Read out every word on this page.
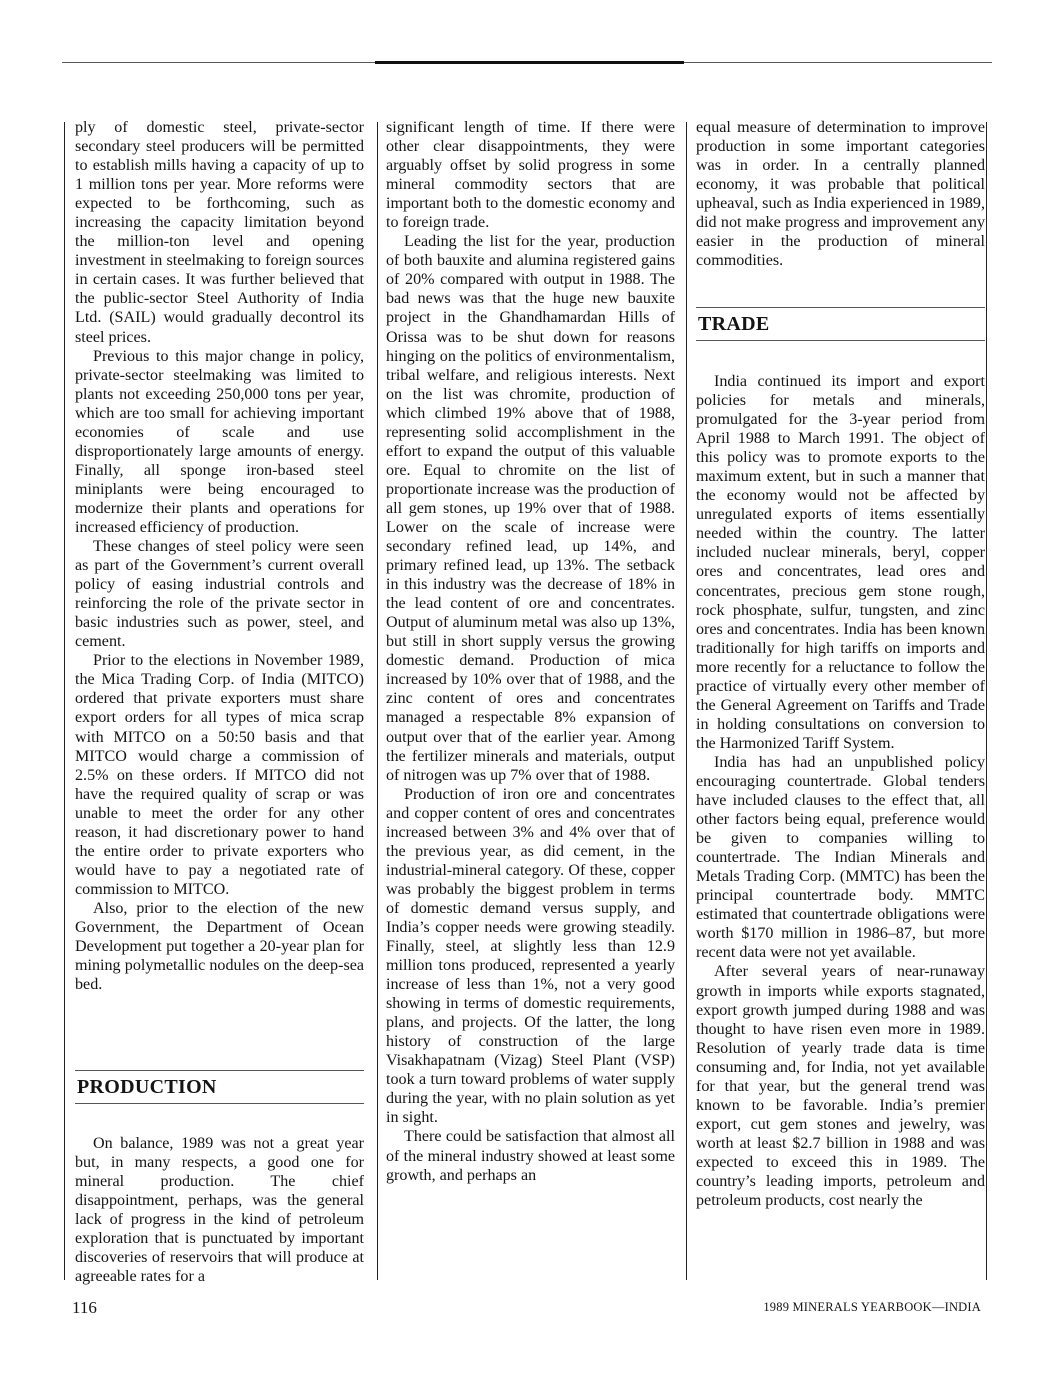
ply of domestic steel, private-sector secondary steel producers will be permitted to establish mills having a capacity of up to 1 million tons per year. More reforms were expected to be forthcoming, such as increasing the capacity limitation beyond the million-ton level and opening investment in steelmaking to foreign sources in certain cases. It was further believed that the public-sector Steel Authority of India Ltd. (SAIL) would gradually decontrol its steel prices.

Previous to this major change in policy, private-sector steelmaking was limited to plants not exceeding 250,000 tons per year, which are too small for achieving important economies of scale and use disproportionately large amounts of energy. Finally, all sponge iron-based steel miniplants were being encouraged to modernize their plants and operations for increased efficiency of production.

These changes of steel policy were seen as part of the Government’s current overall policy of easing industrial controls and reinforcing the role of the private sector in basic industries such as power, steel, and cement.

Prior to the elections in November 1989, the Mica Trading Corp. of India (MITCO) ordered that private exporters must share export orders for all types of mica scrap with MITCO on a 50:50 basis and that MITCO would charge a commission of 2.5% on these orders. If MITCO did not have the required quality of scrap or was unable to meet the order for any other reason, it had discretionary power to hand the entire order to private exporters who would have to pay a negotiated rate of commission to MITCO.

Also, prior to the election of the new Government, the Department of Ocean Development put together a 20-year plan for mining polymetallic nodules on the deep-sea bed.

PRODUCTION

On balance, 1989 was not a great year but, in many respects, a good one for mineral production. The chief disappointment, perhaps, was the general lack of progress in the kind of petroleum exploration that is punctuated by important discoveries of reservoirs that will produce at agreeable rates for a

significant length of time. If there were other clear disappointments, they were arguably offset by solid progress in some mineral commodity sectors that are important both to the domestic economy and to foreign trade.

Leading the list for the year, production of both bauxite and alumina registered gains of 20% compared with output in 1988. The bad news was that the huge new bauxite project in the Ghandhamardan Hills of Orissa was to be shut down for reasons hinging on the politics of environmentalism, tribal welfare, and religious interests. Next on the list was chromite, production of which climbed 19% above that of 1988, representing solid accomplishment in the effort to expand the output of this valuable ore. Equal to chromite on the list of proportionate increase was the production of all gem stones, up 19% over that of 1988. Lower on the scale of increase were secondary refined lead, up 14%, and primary refined lead, up 13%. The setback in this industry was the decrease of 18% in the lead content of ore and concentrates. Output of aluminum metal was also up 13%, but still in short supply versus the growing domestic demand. Production of mica increased by 10% over that of 1988, and the zinc content of ores and concentrates managed a respectable 8% expansion of output over that of the earlier year. Among the fertilizer minerals and materials, output of nitrogen was up 7% over that of 1988.

Production of iron ore and concentrates and copper content of ores and concentrates increased between 3% and 4% over that of the previous year, as did cement, in the industrial-mineral category. Of these, copper was probably the biggest problem in terms of domestic demand versus supply, and India’s copper needs were growing steadily. Finally, steel, at slightly less than 12.9 million tons produced, represented a yearly increase of less than 1%, not a very good showing in terms of domestic requirements, plans, and projects. Of the latter, the long history of construction of the large Visakhapatnam (Vizag) Steel Plant (VSP) took a turn toward problems of water supply during the year, with no plain solution as yet in sight.

There could be satisfaction that almost all of the mineral industry showed at least some growth, and perhaps an

equal measure of determination to improve production in some important categories was in order. In a centrally planned economy, it was probable that political upheaval, such as India experienced in 1989, did not make progress and improvement any easier in the production of mineral commodities.

TRADE

India continued its import and export policies for metals and minerals, promulgated for the 3-year period from April 1988 to March 1991. The object of this policy was to promote exports to the maximum extent, but in such a manner that the economy would not be affected by unregulated exports of items essentially needed within the country. The latter included nuclear minerals, beryl, copper ores and concentrates, lead ores and concentrates, precious gem stone rough, rock phosphate, sulfur, tungsten, and zinc ores and concentrates. India has been known traditionally for high tariffs on imports and more recently for a reluctance to follow the practice of virtually every other member of the General Agreement on Tariffs and Trade in holding consultations on conversion to the Harmonized Tariff System.

India has had an unpublished policy encouraging countertrade. Global tenders have included clauses to the effect that, all other factors being equal, preference would be given to companies willing to countertrade. The Indian Minerals and Metals Trading Corp. (MMTC) has been the principal countertrade body. MMTC estimated that countertrade obligations were worth $170 million in 1986–87, but more recent data were not yet available.

After several years of near-runaway growth in imports while exports stagnated, export growth jumped during 1988 and was thought to have risen even more in 1989. Resolution of yearly trade data is time consuming and, for India, not yet available for that year, but the general trend was known to be favorable. India’s premier export, cut gem stones and jewelry, was worth at least $2.7 billion in 1988 and was expected to exceed this in 1989. The country’s leading imports, petroleum and petroleum products, cost nearly the

116	1989 MINERALS YEARBOOK—INDIA
